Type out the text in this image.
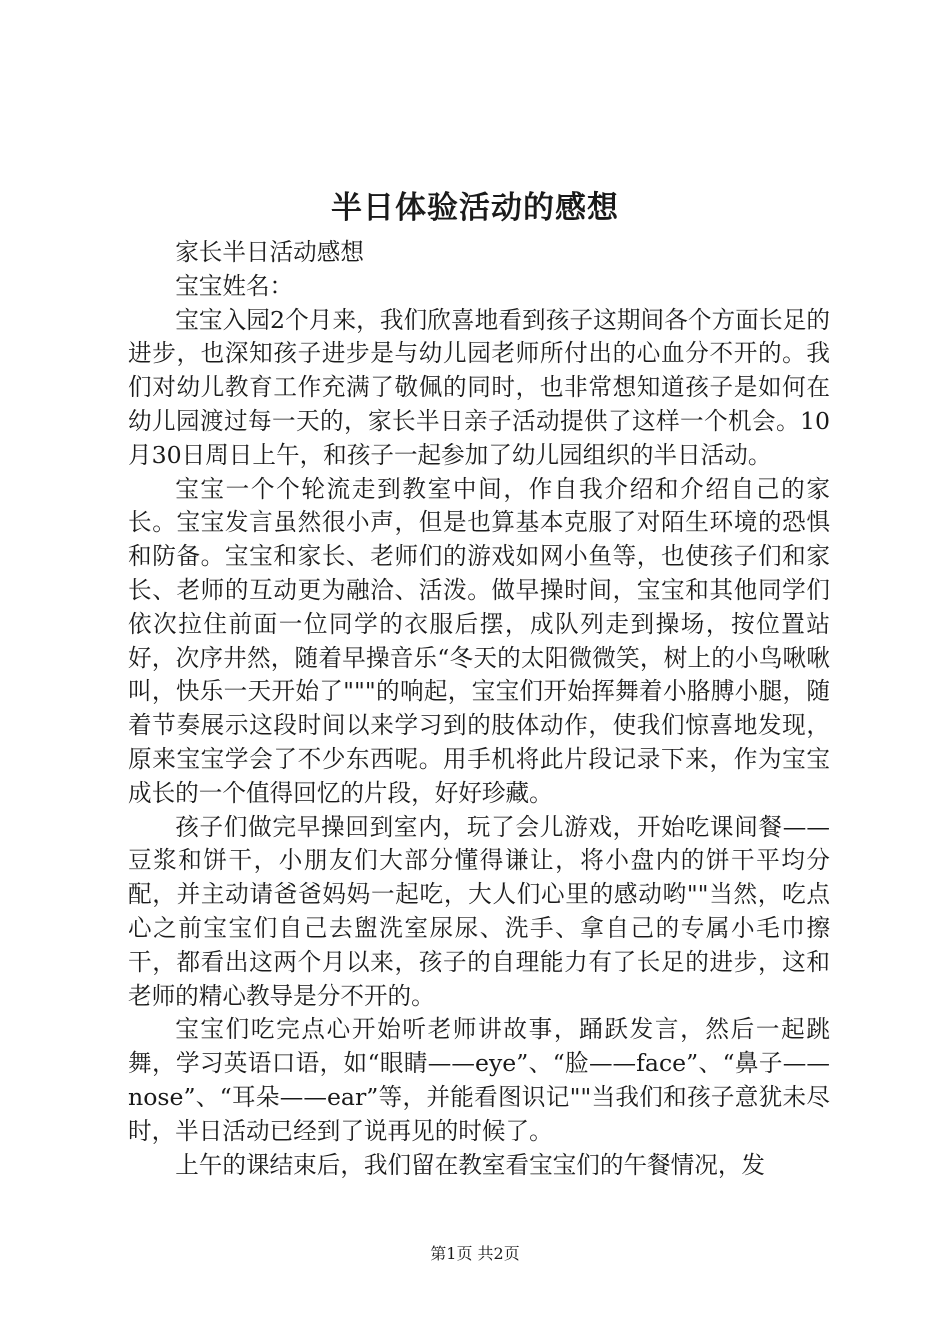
半日体验活动的感想

家长半日活动感想

宝宝姓名：

宝宝入园2个月来，我们欣喜地看到孩子这期间各个方面长足的进步，也深知孩子进步是与幼儿园老师所付出的心血分不开的。我们对幼儿教育工作充满了敬佩的同时，也非常想知道孩子是如何在幼儿园渡过每一天的，家长半日亲子活动提供了这样一个机会。10月30日周日上午，和孩子一起参加了幼儿园组织的半日活动。

宝宝一个个轮流走到教室中间，作自我介绍和介绍自己的家长。宝宝发言虽然很小声，但是也算基本克服了对陌生环境的恐惧和防备。宝宝和家长、老师们的游戏如网小鱼等，也使孩子们和家长、老师的互动更为融洽、活泼。做早操时间，宝宝和其他同学们依次拉住前面一位同学的衣服后摆，成队列走到操场，按位置站好，次序井然，随着早操音乐“冬天的太阳微微笑，树上的小鸟啾啾叫，快乐一天开始了"""的响起，宝宝们开始挥舞着小胳膊小腿，随着节奏展示这段时间以来学习到的肢体动作，使我们惊喜地发现，原来宝宝学会了不少东西呢。用手机将此片段记录下来，作为宝宝成长的一个值得回忆的片段，好好珍藏。

孩子们做完早操回到室内，玩了会儿游戏，开始吃课间餐——豆浆和饼干，小朋友们大部分懂得谦让，将小盘内的饼干平均分配，并主动请爸爸妈妈一起吃，大人们心里的感动哟""当然，吃点心之前宝宝们自己去盥洗室尿尿、洗手、拿自己的专属小毛巾擦干，都看出这两个月以来，孩子的自理能力有了长足的进步，这和老师的精心教导是分不开的。

宝宝们吃完点心开始听老师讲故事，踊跃发言，然后一起跳舞，学习英语口语，如“眼睛——eye”、“脸——face”、“鼻子——nose”、“耳朵——ear”等，并能看图识记""当我们和孩子意犹未尽时，半日活动已经到了说再见的时候了。

上午的课结束后，我们留在教室看宝宝们的午餐情况，发

第1页 共2页
